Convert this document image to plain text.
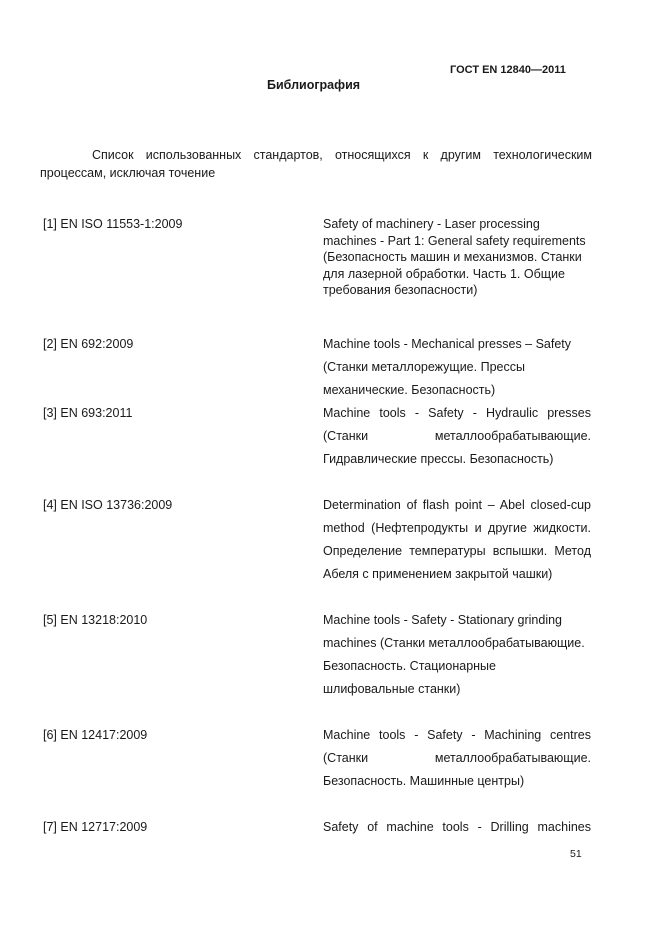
ГОСТ EN 12840—2011
Библиография
Список использованных стандартов, относящихся к другим технологическим процессам, исключая точение
[1] EN ISO 11553-1:2009	Safety of machinery - Laser processing machines - Part 1: General safety requirements (Безопасность машин и механизмов. Станки для лазерной обработки. Часть 1. Общие требования безопасности)
[2] EN 692:2009	Machine tools - Mechanical presses – Safety (Станки металлорежущие. Прессы механические. Безопасность)
[3] EN 693:2011	Machine tools - Safety - Hydraulic presses (Станки металлообрабатывающие. Гидравлические прессы. Безопасность)
[4] EN ISO 13736:2009	Determination of flash point – Abel closed-cup method (Нефтепродукты и другие жидкости. Определение температуры вспышки. Метод Абеля с применением закрытой чашки)
[5] EN 13218:2010	Machine tools - Safety - Stationary grinding machines (Станки металлообрабатывающие. Безопасность. Стационарные шлифовальные станки)
[6] EN 12417:2009	Machine tools - Safety - Machining centres (Станки металлообрабатывающие. Безопасность. Машинные центры)
[7] EN 12717:2009	Safety of machine tools - Drilling machines
51
